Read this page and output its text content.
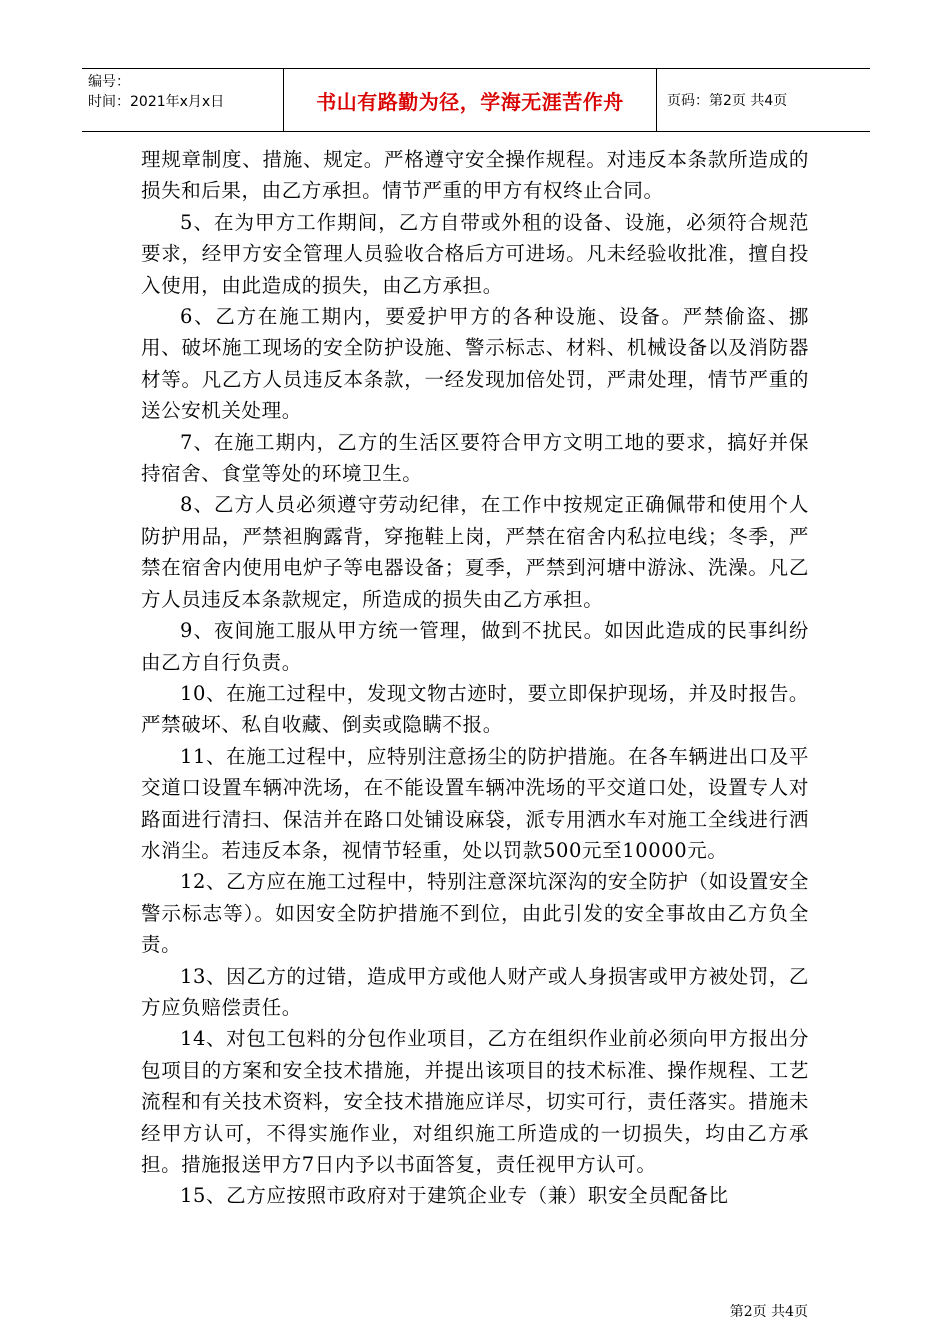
编号：
时间：2021年x月x日	书山有路勤为径，学海无涯苦作舟	页码：第2页 共4页

理规章制度、措施、规定。严格遵守安全操作规程。对违反本条款所造成的损失和后果，由乙方承担。情节严重的甲方有权终止合同。

5、在为甲方工作期间，乙方自带或外租的设备、设施，必须符合规范要求，经甲方安全管理人员验收合格后方可进场。凡未经验收批准，擅自投入使用，由此造成的损失，由乙方承担。

6、乙方在施工期内，要爱护甲方的各种设施、设备。严禁偷盗、挪用、破坏施工现场的安全防护设施、警示标志、材料、机械设备以及消防器材等。凡乙方人员违反本条款，一经发现加倍处罚，严肃处理，情节严重的送公安机关处理。

7、在施工期内，乙方的生活区要符合甲方文明工地的要求，搞好并保持宿舍、食堂等处的环境卫生。

8、乙方人员必须遵守劳动纪律，在工作中按规定正确佩带和使用个人防护用品，严禁袒胸露背，穿拖鞋上岗，严禁在宿舍内私拉电线；冬季，严禁在宿舍内使用电炉子等电器设备；夏季，严禁到河塘中游泳、洗澡。凡乙方人员违反本条款规定，所造成的损失由乙方承担。

9、夜间施工服从甲方统一管理，做到不扰民。如因此造成的民事纠纷由乙方自行负责。

10、在施工过程中，发现文物古迹时，要立即保护现场，并及时报告。严禁破坏、私自收藏、倒卖或隐瞒不报。

11、在施工过程中，应特别注意扬尘的防护措施。在各车辆进出口及平交道口设置车辆冲洗场，在不能设置车辆冲洗场的平交道口处，设置专人对路面进行清扫、保洁并在路口处铺设麻袋，派专用洒水车对施工全线进行洒水消尘。若违反本条，视情节轻重，处以罚款500元至10000元。

12、乙方应在施工过程中，特别注意深坑深沟的安全防护（如设置安全警示标志等）。如因安全防护措施不到位，由此引发的安全事故由乙方负全责。

13、因乙方的过错，造成甲方或他人财产或人身损害或甲方被处罚，乙方应负赔偿责任。

14、对包工包料的分包作业项目，乙方在组织作业前必须向甲方报出分包项目的方案和安全技术措施，并提出该项目的技术标准、操作规程、工艺流程和有关技术资料，安全技术措施应详尽，切实可行，责任落实。措施未经甲方认可，不得实施作业，对组织施工所造成的一切损失，均由乙方承担。措施报送甲方7日内予以书面答复，责任视甲方认可。

15、乙方应按照市政府对于建筑企业专（兼）职安全员配备比

第2页 共4页
